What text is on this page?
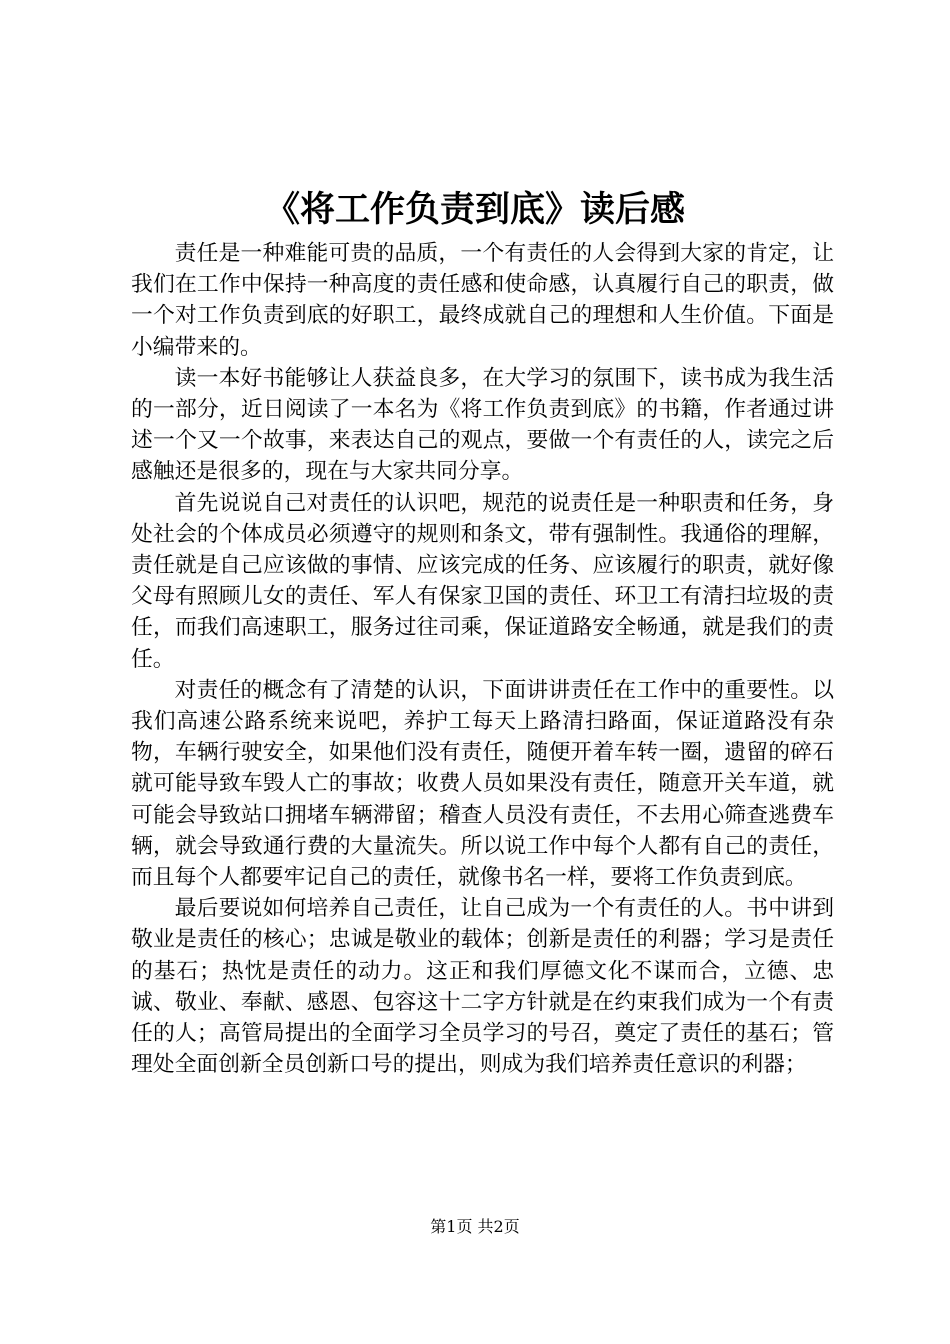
《将工作负责到底》读后感

责任是一种难能可贵的品质，一个有责任的人会得到大家的肯定，让我们在工作中保持一种高度的责任感和使命感，认真履行自己的职责，做一个对工作负责到底的好职工，最终成就自己的理想和人生价值。下面是小编带来的。

读一本好书能够让人获益良多，在大学习的氛围下，读书成为我生活的一部分，近日阅读了一本名为《将工作负责到底》的书籍，作者通过讲述一个又一个故事，来表达自己的观点，要做一个有责任的人，读完之后感触还是很多的，现在与大家共同分享。

首先说说自己对责任的认识吧，规范的说责任是一种职责和任务，身处社会的个体成员必须遵守的规则和条文，带有强制性。我通俗的理解，责任就是自己应该做的事情、应该完成的任务、应该履行的职责，就好像父母有照顾儿女的责任、军人有保家卫国的责任、环卫工有清扫垃圾的责任，而我们高速职工，服务过往司乘，保证道路安全畅通，就是我们的责任。

对责任的概念有了清楚的认识，下面讲讲责任在工作中的重要性。以我们高速公路系统来说吧，养护工每天上路清扫路面，保证道路没有杂物，车辆行驶安全，如果他们没有责任，随便开着车转一圈，遗留的碎石就可能导致车毁人亡的事故；收费人员如果没有责任，随意开关车道，就可能会导致站口拥堵车辆滞留；稽查人员没有责任，不去用心筛查逃费车辆，就会导致通行费的大量流失。所以说工作中每个人都有自己的责任，而且每个人都要牢记自己的责任，就像书名一样，要将工作负责到底。

最后要说如何培养自己责任，让自己成为一个有责任的人。书中讲到敬业是责任的核心；忠诚是敬业的载体；创新是责任的利器；学习是责任的基石；热忱是责任的动力。这正和我们厚德文化不谋而合，立德、忠诚、敬业、奉献、感恩、包容这十二字方针就是在约束我们成为一个有责任的人；高管局提出的全面学习全员学习的号召，奠定了责任的基石；管理处全面创新全员创新口号的提出，则成为我们培养责任意识的利器；

第1页 共2页
